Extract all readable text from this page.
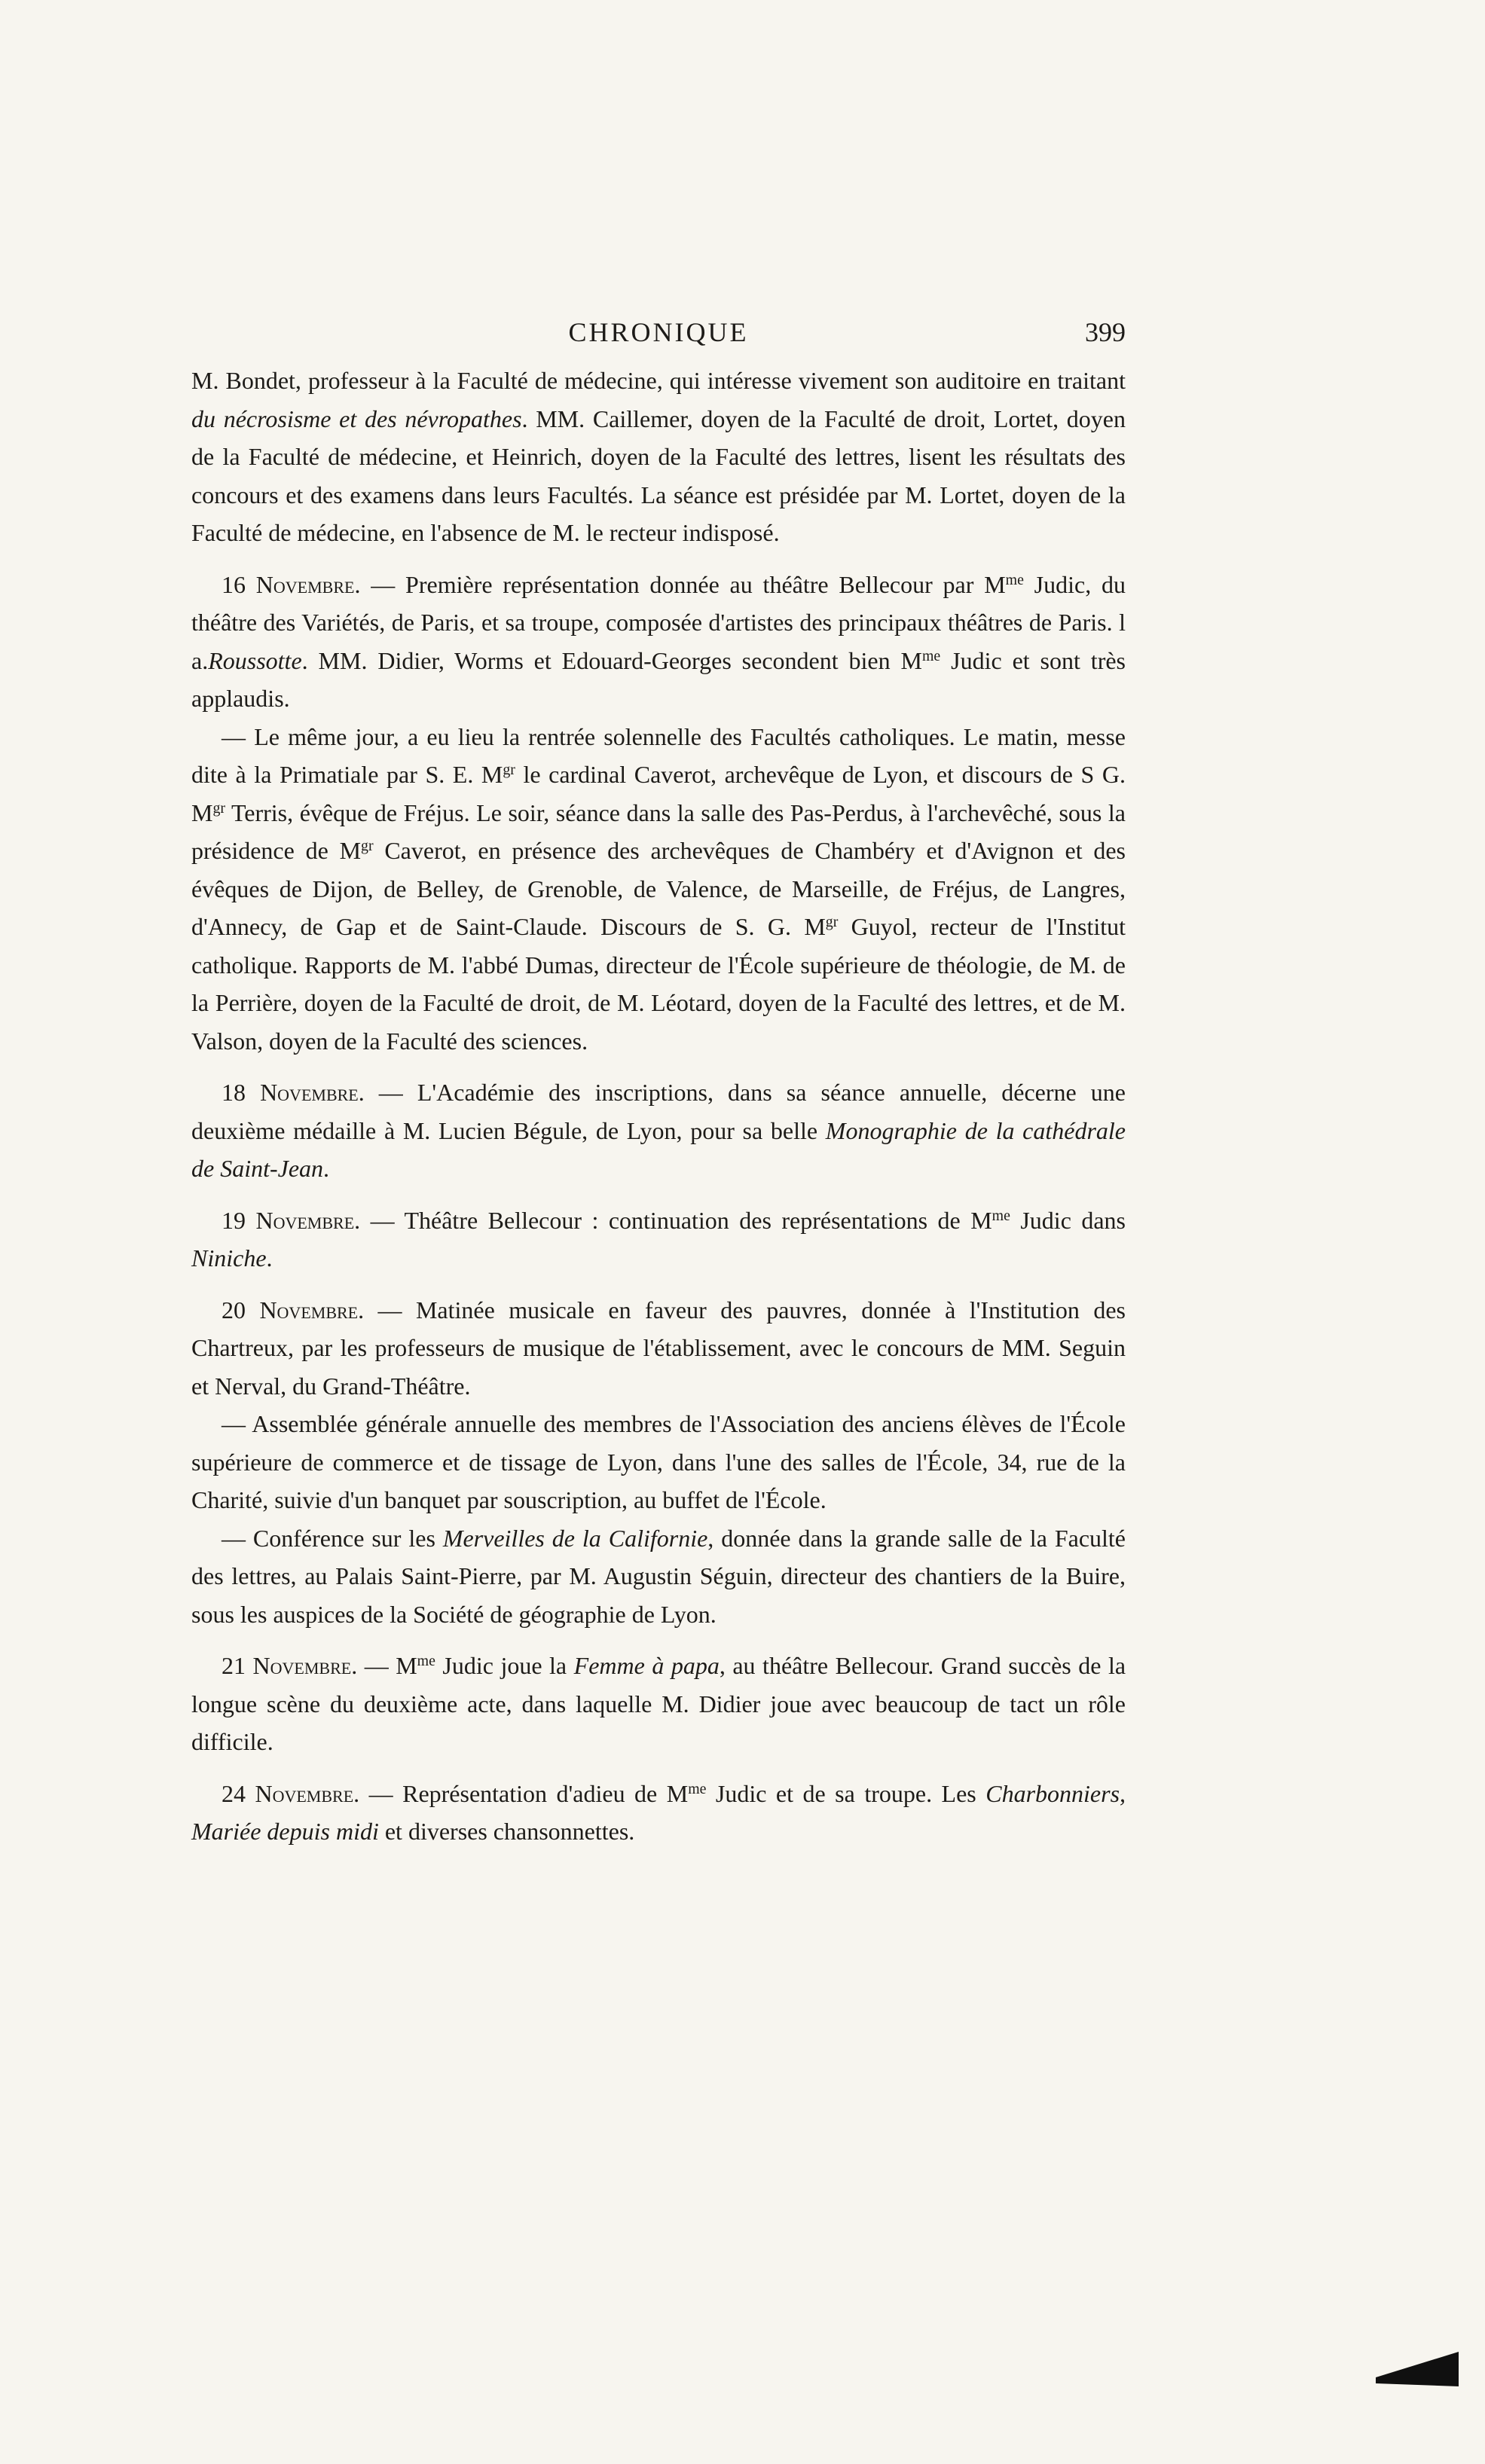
CHRONIQUE	399

M. Bondet, professeur à la Faculté de médecine, qui intéresse vivement son auditoire en traitant du nécrosisme et des névropathes. MM. Caillemer, doyen de la Faculté de droit, Lortet, doyen de la Faculté de médecine, et Heinrich, doyen de la Faculté des lettres, lisent les résultats des concours et des examens dans leurs Facultés. La séance est présidée par M. Lortet, doyen de la Faculté de médecine, en l'absence de M. le recteur indisposé.

16 Novembre. — Première représentation donnée au théâtre Bellecour par $M^{me}$ Judic, du théâtre des Variétés, de Paris, et sa troupe, composée d'artistes des principaux théâtres de Paris. l a.Roussotte. MM. Didier, Worms et Edouard-Georges secondent bien $M^{me}$ Judic et sont très applaudis.

— Le même jour, a eu lieu la rentrée solennelle des Facultés catholiques. Le matin, messe dite à la Primatiale par S. E. $M^{gr}$ le cardinal Caverot, archevêque de Lyon, et discours de S G. $M^{gr}$ Terris, évêque de Fréjus. Le soir, séance dans la salle des Pas-Perdus, à l'archevêché, sous la présidence de $M^{gr}$ Caverot, en présence des archevêques de Chambéry et d'Avignon et des évêques de Dijon, de Belley, de Grenoble, de Valence, de Marseille, de Fréjus, de Langres, d'Annecy, de Gap et de Saint-Claude. Discours de S. G. $M^{gr}$ Guyol, recteur de l'Institut catholique. Rapports de M. l'abbé Dumas, directeur de l'École supérieure de théologie, de M. de la Perrière, doyen de la Faculté de droit, de M. Léotard, doyen de la Faculté des lettres, et de M. Valson, doyen de la Faculté des sciences.

18 Novembre. — L'Académie des inscriptions, dans sa séance annuelle, décerne une deuxième médaille à M. Lucien Bégule, de Lyon, pour sa belle Monographie de la cathédrale de Saint-Jean.

19 Novembre. — Théâtre Bellecour : continuation des représentations de $M^{me}$ Judic dans Niniche.

20 Novembre. — Matinée musicale en faveur des pauvres, donnée à l'Institution des Chartreux, par les professeurs de musique de l'établissement, avec le concours de MM. Seguin et Nerval, du Grand-Théâtre.

— Assemblée générale annuelle des membres de l'Association des anciens élèves de l'École supérieure de commerce et de tissage de Lyon, dans l'une des salles de l'École, 34, rue de la Charité, suivie d'un banquet par souscription, au buffet de l'École.

— Conférence sur les Merveilles de la Californie, donnée dans la grande salle de la Faculté des lettres, au Palais Saint-Pierre, par M. Augustin Séguin, directeur des chantiers de la Buire, sous les auspices de la Société de géographie de Lyon.

21 Novembre. — $M^{me}$ Judic joue la Femme à papa, au théâtre Bellecour. Grand succès de la longue scène du deuxième acte, dans laquelle M. Didier joue avec beaucoup de tact un rôle difficile.

24 Novembre. — Représentation d'adieu de $M^{me}$ Judic et de sa troupe. Les Charbonniers, Mariée depuis midi et diverses chansonnettes.
